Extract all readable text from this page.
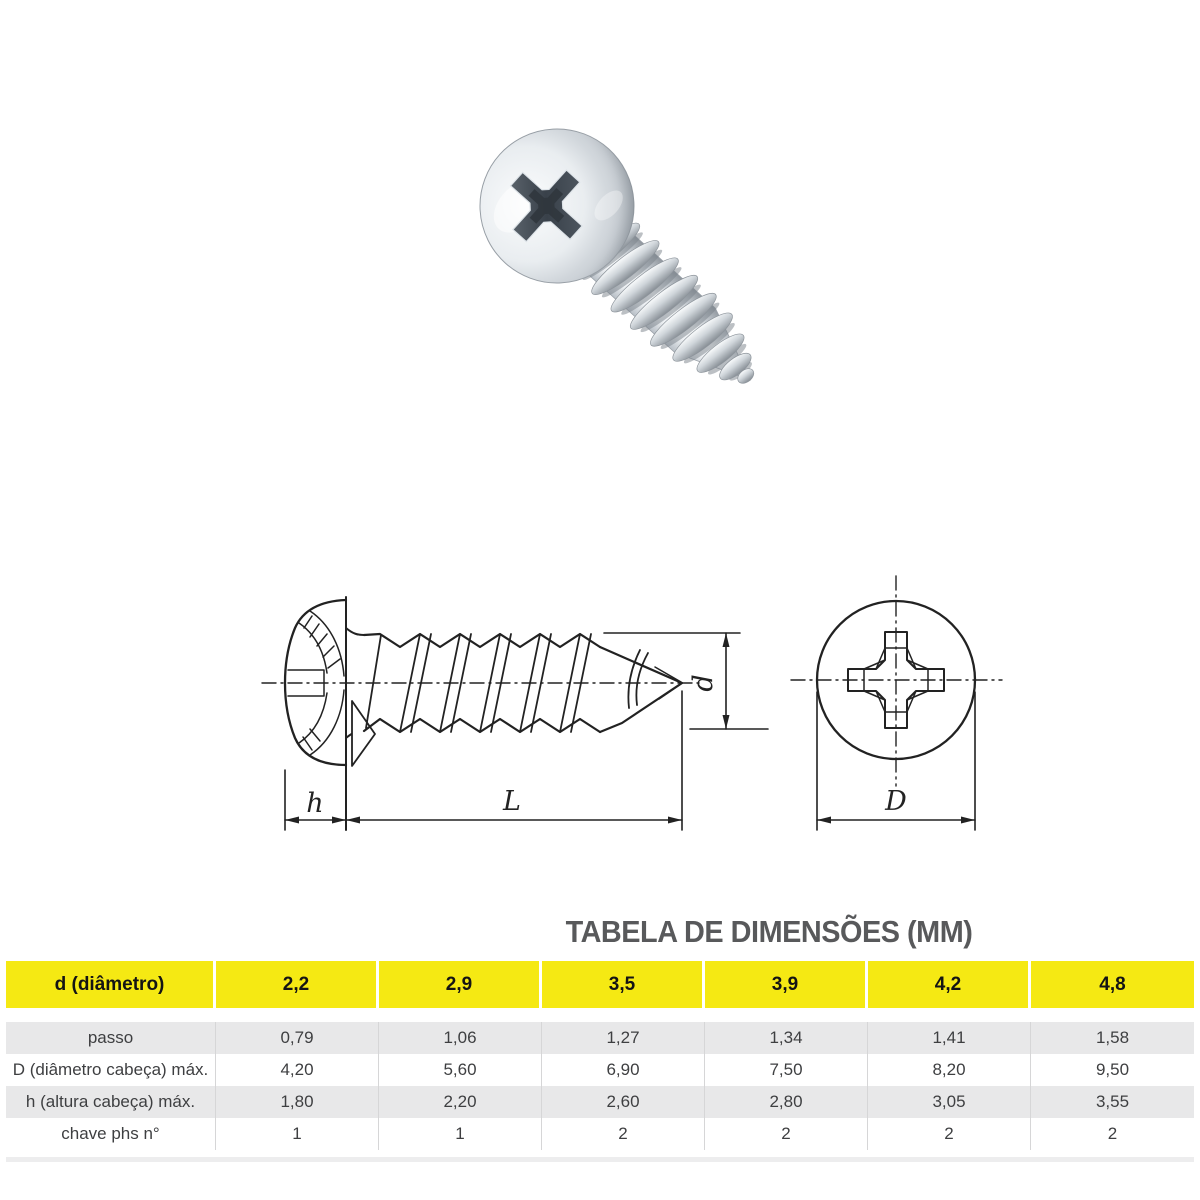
h	L
d
D
TABELA DE DIMENSÕES (MM)
d (diâmetro)	2,2	2,9	3,5	3,9	4,2	4,8
passo	0,79	1,06	1,27	1,34	1,41	1,58
D (diâmetro cabeça) máx.	4,20	5,60	6,90	7,50	8,20	9,50
h (altura cabeça) máx.	1,80	2,20	2,60	2,80	3,05	3,55
chave phs n°	1	1	2	2	2	2
